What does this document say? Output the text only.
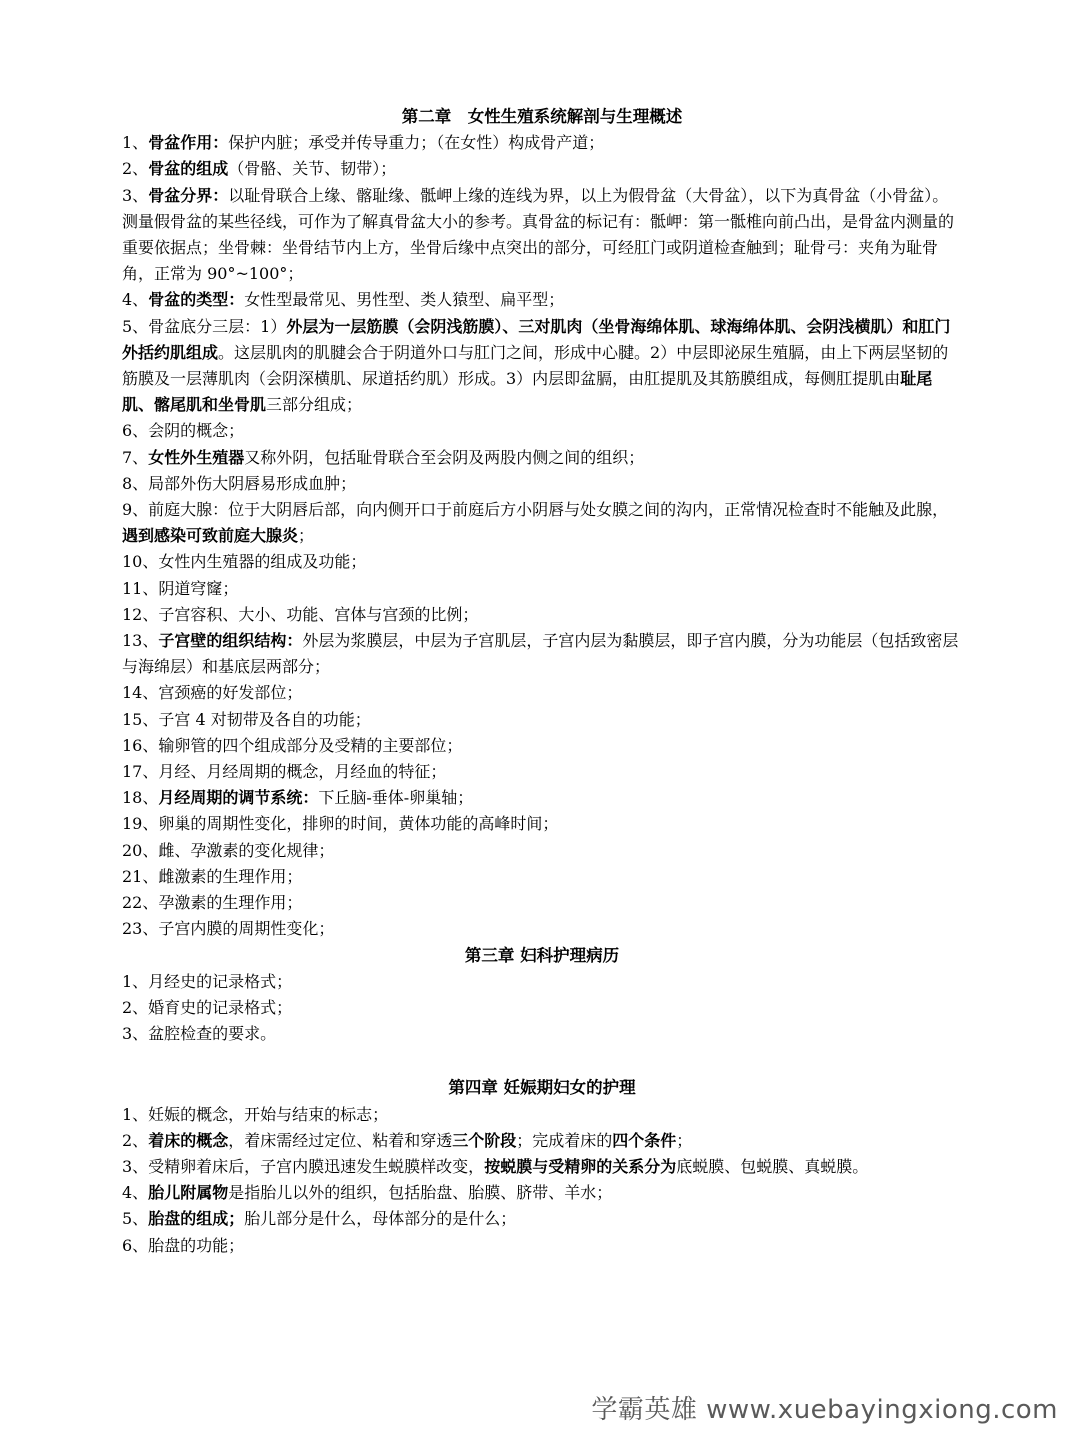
第二章　女性生殖系统解剖与生理概述
1、骨盆作用：保护内脏；承受并传导重力；（在女性）构成骨产道；
2、骨盆的组成（骨骼、关节、韧带）；
3、骨盆分界：以耻骨联合上缘、髂耻缘、骶岬上缘的连线为界，以上为假骨盆（大骨盆），以下为真骨盆（小骨盆）。测量假骨盆的某些径线，可作为了解真骨盆大小的参考。真骨盆的标记有：骶岬：第一骶椎向前凸出，是骨盆内测量的重要依据点；坐骨棘：坐骨结节内上方，坐骨后缘中点突出的部分，可经肛门或阴道检查触到；耻骨弓：夹角为耻骨角，正常为 90°~100°；
4、骨盆的类型：女性型最常见、男性型、类人猿型、扁平型；
5、骨盆底分三层：1）外层为一层筋膜（会阴浅筋膜）、三对肌肉（坐骨海绵体肌、球海绵体肌、会阴浅横肌）和肛门外括约肌组成。这层肌肉的肌腱会合于阴道外口与肛门之间，形成中心腱。2）中层即泌尿生殖膈，由上下两层坚韧的筋膜及一层薄肌肉（会阴深横肌、尿道括约肌）形成。3）内层即盆膈，由肛提肌及其筋膜组成，每侧肛提肌由耻尾肌、髂尾肌和坐骨肌三部分组成；
6、会阴的概念；
7、女性外生殖器又称外阴，包括耻骨联合至会阴及两股内侧之间的组织；
8、局部外伤大阴唇易形成血肿；
9、前庭大腺：位于大阴唇后部，向内侧开口于前庭后方小阴唇与处女膜之间的沟内，正常情况检查时不能触及此腺，遇到感染可致前庭大腺炎；
10、女性内生殖器的组成及功能；
11、阴道穹窿；
12、子宫容积、大小、功能、宫体与宫颈的比例；
13、子宫壁的组织结构：外层为浆膜层，中层为子宫肌层，子宫内层为黏膜层，即子宫内膜，分为功能层（包括致密层与海绵层）和基底层两部分；
14、宫颈癌的好发部位；
15、子宫 4 对韧带及各自的功能；
16、输卵管的四个组成部分及受精的主要部位；
17、月经、月经周期的概念，月经血的特征；
18、月经周期的调节系统：下丘脑-垂体-卵巢轴；
19、卵巢的周期性变化，排卵的时间，黄体功能的高峰时间；
20、雌、孕激素的变化规律；
21、雌激素的生理作用；
22、孕激素的生理作用；
23、子宫内膜的周期性变化；
第三章 妇科护理病历
1、月经史的记录格式；
2、婚育史的记录格式；
3、盆腔检查的要求。
第四章 妊娠期妇女的护理
1、妊娠的概念，开始与结束的标志；
2、着床的概念，着床需经过定位、粘着和穿透三个阶段；完成着床的四个条件；
3、受精卵着床后，子宫内膜迅速发生蜕膜样改变，按蜕膜与受精卵的关系分为底蜕膜、包蜕膜、真蜕膜。
4、胎儿附属物是指胎儿以外的组织，包括胎盘、胎膜、脐带、羊水；
5、胎盘的组成；胎儿部分是什么，母体部分的是什么；
6、胎盘的功能；
学霸英雄 www.xuebayingxiong.com
